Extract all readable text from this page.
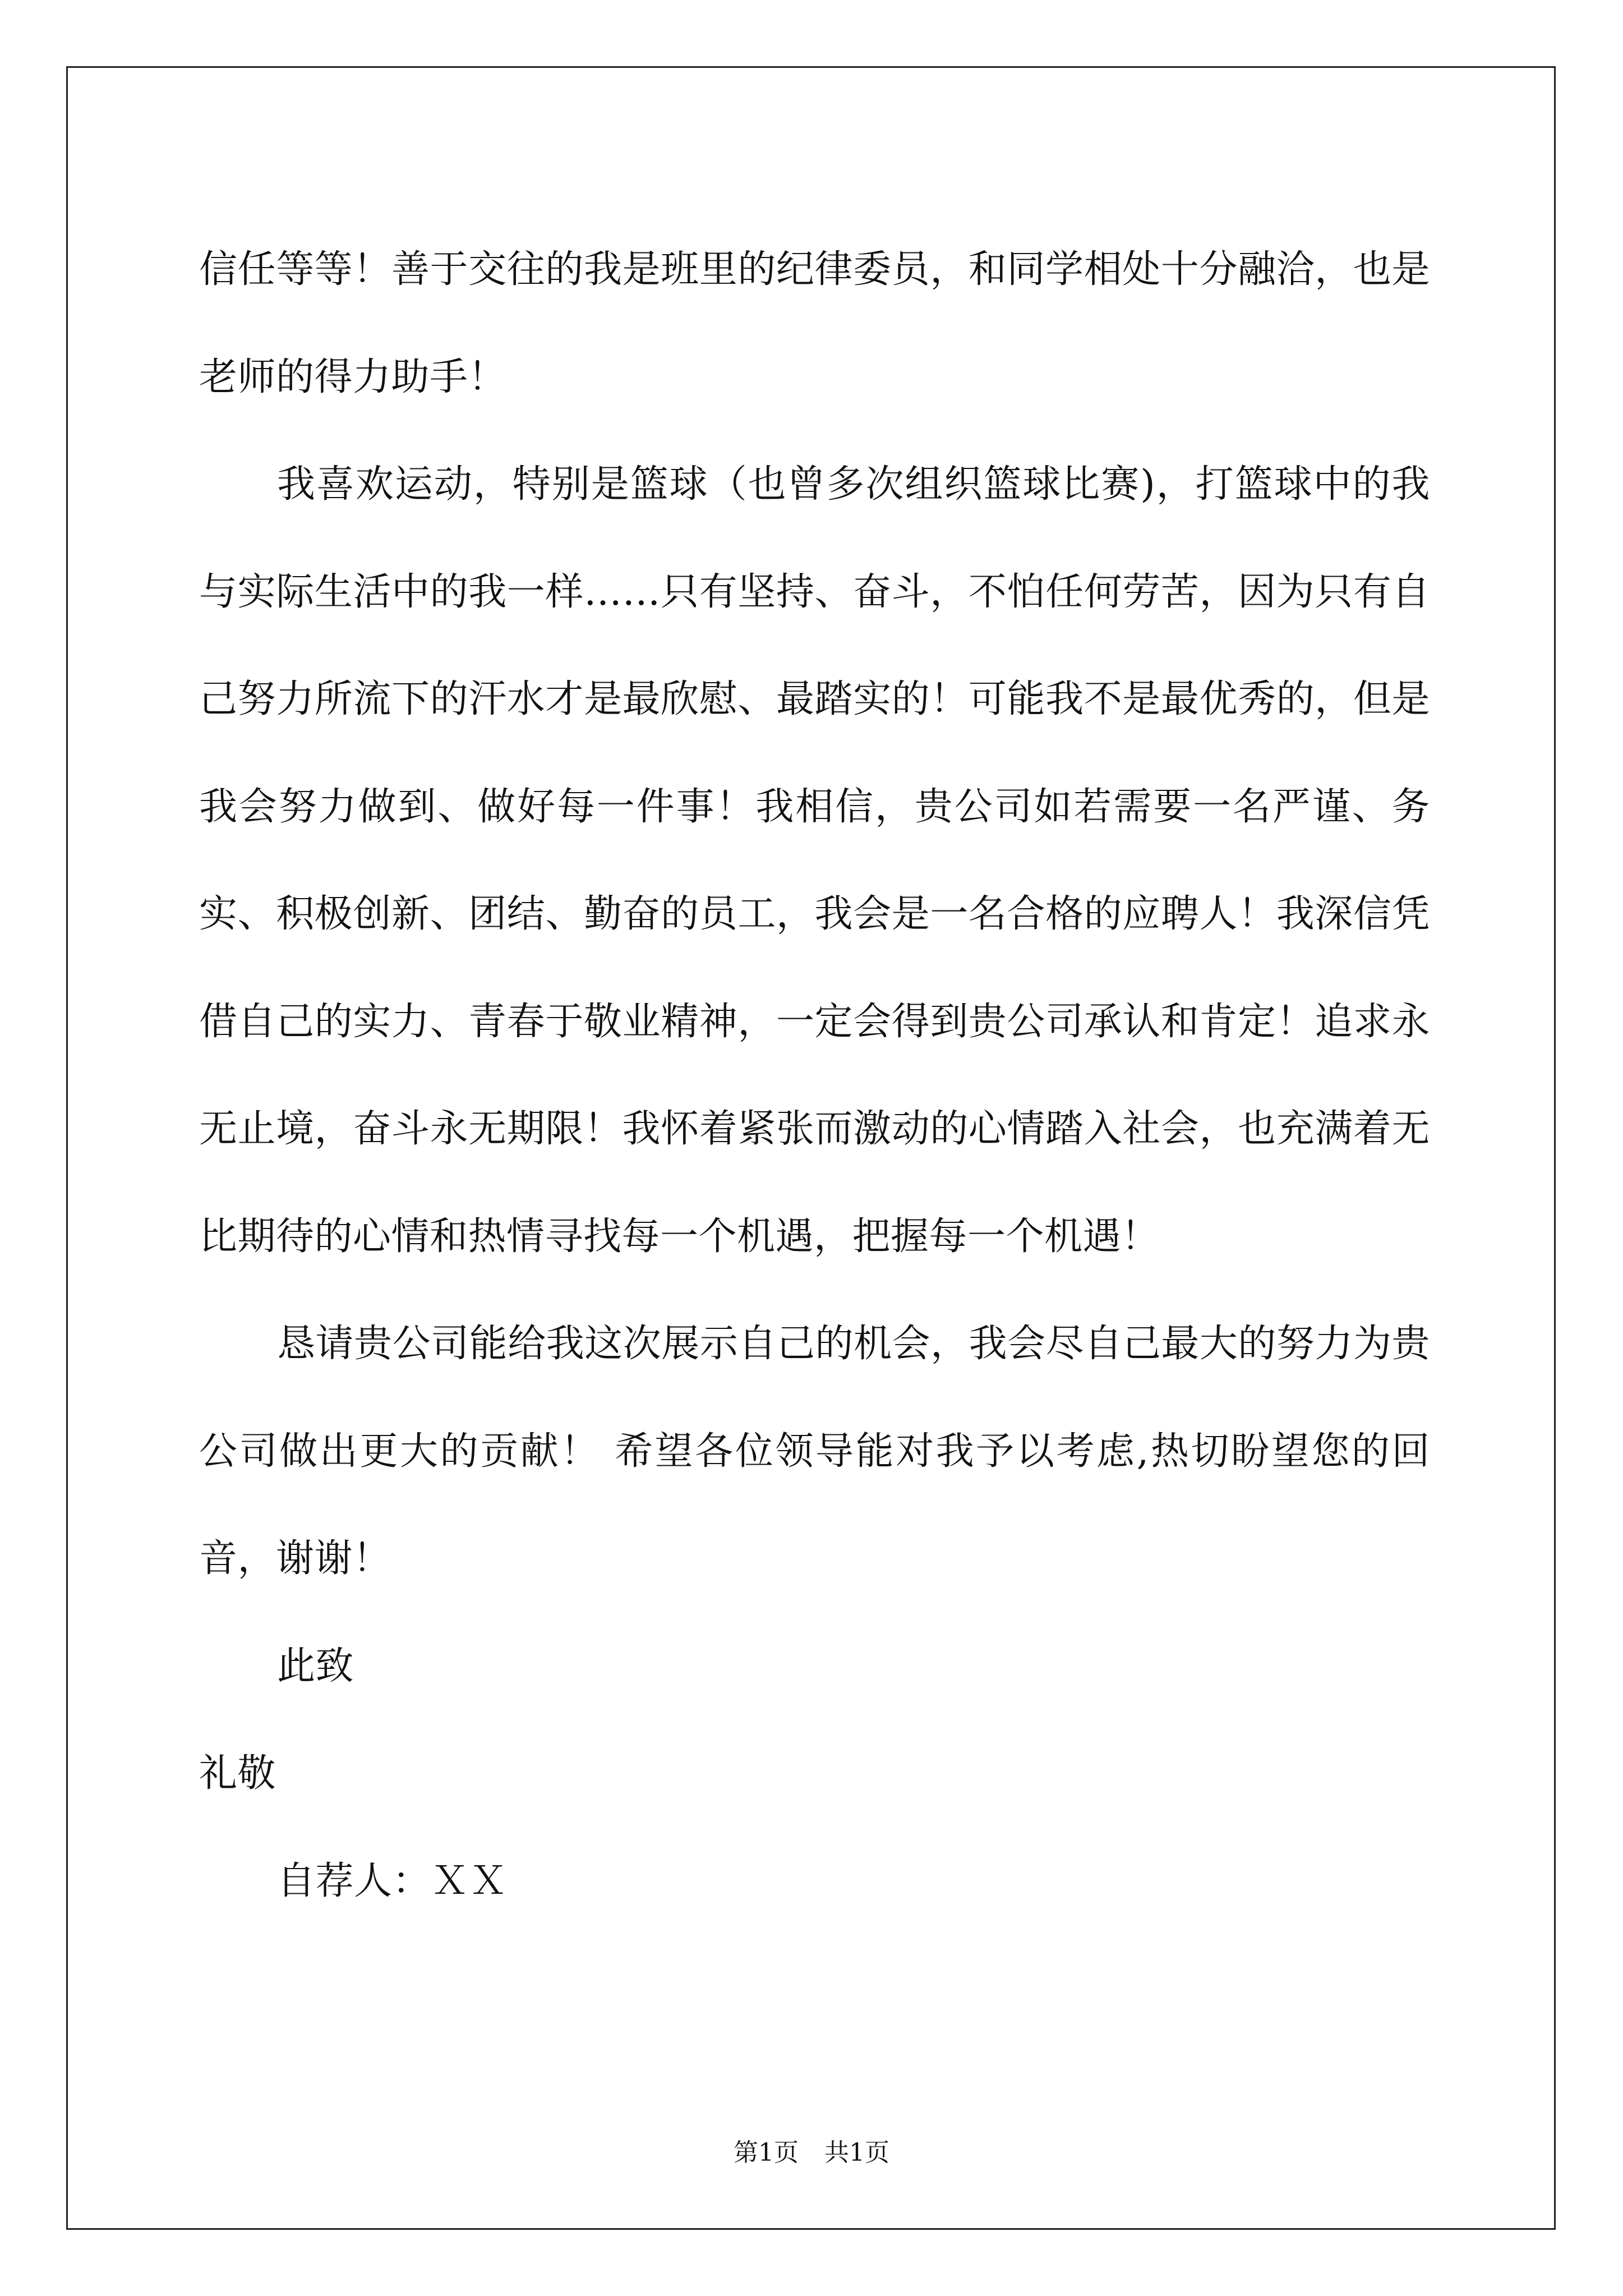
信任等等！善于交往的我是班里的纪律委员，和同学相处十分融洽，也是老师的得力助手！

我喜欢运动，特别是篮球（也曾多次组织篮球比赛)，打篮球中的我与实际生活中的我一样……只有坚持、奋斗，不怕任何劳苦，因为只有自己努力所流下的汗水才是最欣慰、最踏实的！可能我不是最优秀的，但是我会努力做到、做好每一件事！我相信，贵公司如若需要一名严谨、务实、积极创新、团结、勤奋的员工，我会是一名合格的应聘人！我深信凭借自己的实力、青春于敬业精神，一定会得到贵公司承认和肯定！追求永无止境，奋斗永无期限！我怀着紧张而激动的心情踏入社会，也充满着无比期待的心情和热情寻找每一个机遇，把握每一个机遇！

恳请贵公司能给我这次展示自己的机会，我会尽自己最大的努力为贵公司做出更大的贡献！ 希望各位领导能对我予以考虑,热切盼望您的回音，谢谢！

此致

礼敬

自荐人：ＸＸ

第1页 共1页
